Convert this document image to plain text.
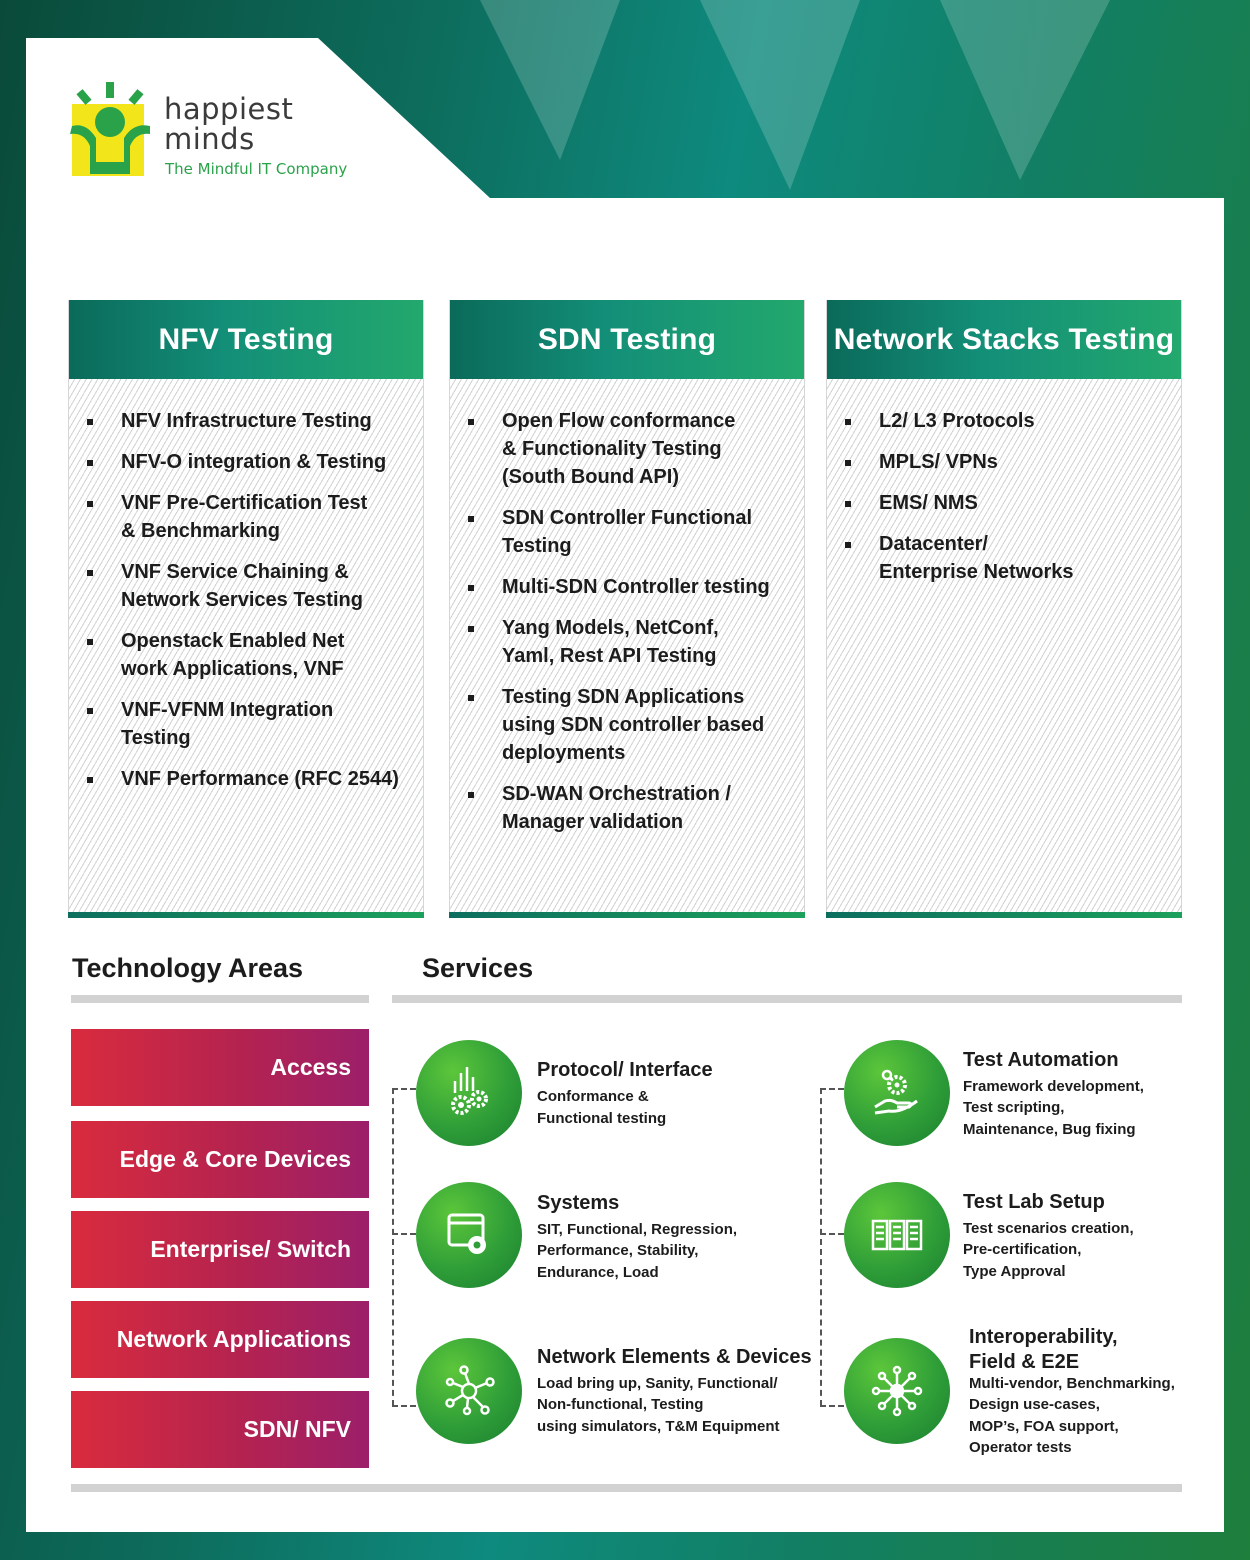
happiest
minds
The Mindful IT Company
NFV Testing
NFV Infrastructure Testing
NFV-O integration & Testing
VNF Pre-Certification Test & Benchmarking
VNF Service Chaining & Network Services Testing
Openstack Enabled Net work Applications, VNF
VNF-VFNM Integration Testing
VNF Performance (RFC 2544)
SDN Testing
Open Flow conformance & Functionality Testing (South Bound API)
SDN Controller Functional Testing
Multi-SDN Controller testing
Yang Models, NetConf, Yaml, Rest API Testing
Testing SDN Applications using SDN controller based deployments
SD-WAN Orchestration / Manager validation
Network Stacks Testing
L2/ L3 Protocols
MPLS/ VPNs
EMS/ NMS
Datacenter/ Enterprise Networks
Technology Areas	Services
Access
Edge & Core Devices
Enterprise/ Switch
Network Applications
SDN/ NFV
Protocol/ Interface
Conformance &
Functional testing
Systems
SIT, Functional, Regression,
Performance, Stability,
Endurance, Load
Network Elements & Devices
Load bring up, Sanity, Functional/
Non-functional, Testing
using simulators, T&M Equipment
Test Automation
Framework development,
Test scripting,
Maintenance, Bug fixing
Test Lab Setup
Test scenarios creation,
Pre-certification,
Type Approval
Interoperability,
Field & E2E
Multi-vendor, Benchmarking,
Design use-cases,
MOP’s, FOA support,
Operator tests
